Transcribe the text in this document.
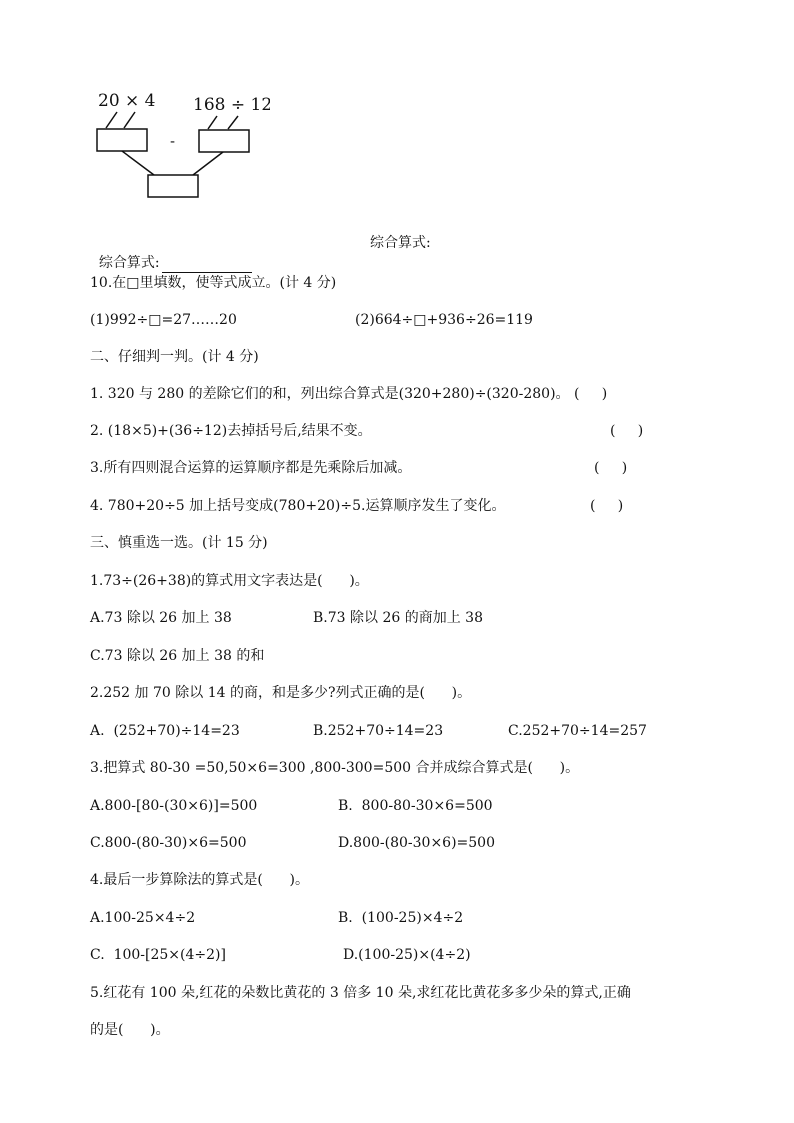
20 × 4 168 ÷ 12
-

综合算式:

综合算式:
10.在□里填数，使等式成立。(计 4 分)
(1)992÷□=27……20	(2)664÷□+936÷26=119
二、仔细判一判。(计 4 分)
1. 320 与 280 的差除它们的和，列出综合算式是(320+280)÷(320-280)。 (     )
2. (18×5)+(36÷12)去掉括号后,结果不变。	(     )
3.所有四则混合运算的运算顺序都是先乘除后加减。	(     )
4. 780+20÷5 加上括号变成(780+20)÷5.运算顺序发生了变化。	(     )
三、慎重选一选。(计 15 分)
1.73÷(26+38)的算式用文字表达是(      )。
A.73 除以 26 加上 38	B.73 除以 26 的商加上 38
C.73 除以 26 加上 38 的和
2.252 加 70 除以 14 的商，和是多少?列式正确的是(      )。
A.  (252+70)÷14=23	B.252+70÷14=23	C.252+70÷14=257
3.把算式 80-30 =50,50×6=300 ,800-300=500 合并成综合算式是(      )。
A.800-[80-(30×6)]=500	B.  800-80-30×6=500
C.800-(80-30)×6=500	D.800-(80-30×6)=500
4.最后一步算除法的算式是(      )。
A.100-25×4÷2	B.  (100-25)×4÷2
C.  100-[25×(4÷2)]	D.(100-25)×(4÷2)
5.红花有 100 朵,红花的朵数比黄花的 3 倍多 10 朵,求红花比黄花多多少朵的算式,正确
的是(      )。
